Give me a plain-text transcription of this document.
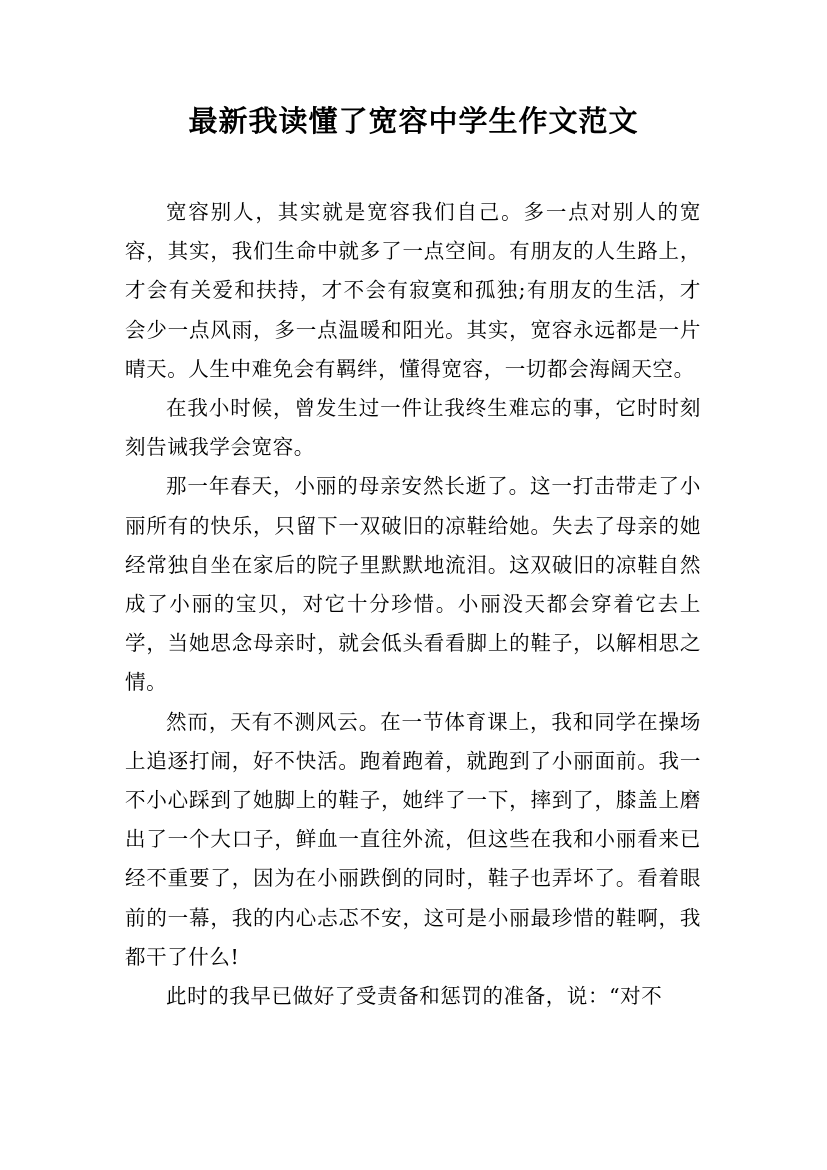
最新我读懂了宽容中学生作文范文

宽容别人，其实就是宽容我们自己。多一点对别人的宽容，其实，我们生命中就多了一点空间。有朋友的人生路上，才会有关爱和扶持，才不会有寂寞和孤独;有朋友的生活，才会少一点风雨，多一点温暖和阳光。其实，宽容永远都是一片晴天。人生中难免会有羁绊，懂得宽容，一切都会海阔天空。

在我小时候，曾发生过一件让我终生难忘的事，它时时刻刻告诫我学会宽容。

那一年春天，小丽的母亲安然长逝了。这一打击带走了小丽所有的快乐，只留下一双破旧的凉鞋给她。失去了母亲的她经常独自坐在家后的院子里默默地流泪。这双破旧的凉鞋自然成了小丽的宝贝，对它十分珍惜。小丽没天都会穿着它去上学，当她思念母亲时，就会低头看看脚上的鞋子，以解相思之情。

然而，天有不测风云。在一节体育课上，我和同学在操场上追逐打闹，好不快活。跑着跑着，就跑到了小丽面前。我一不小心踩到了她脚上的鞋子，她绊了一下，摔到了，膝盖上磨出了一个大口子，鲜血一直往外流，但这些在我和小丽看来已经不重要了，因为在小丽跌倒的同时，鞋子也弄坏了。看着眼前的一幕，我的内心忐忑不安，这可是小丽最珍惜的鞋啊，我都干了什么!

此时的我早已做好了受责备和惩罚的准备，说：“对不
